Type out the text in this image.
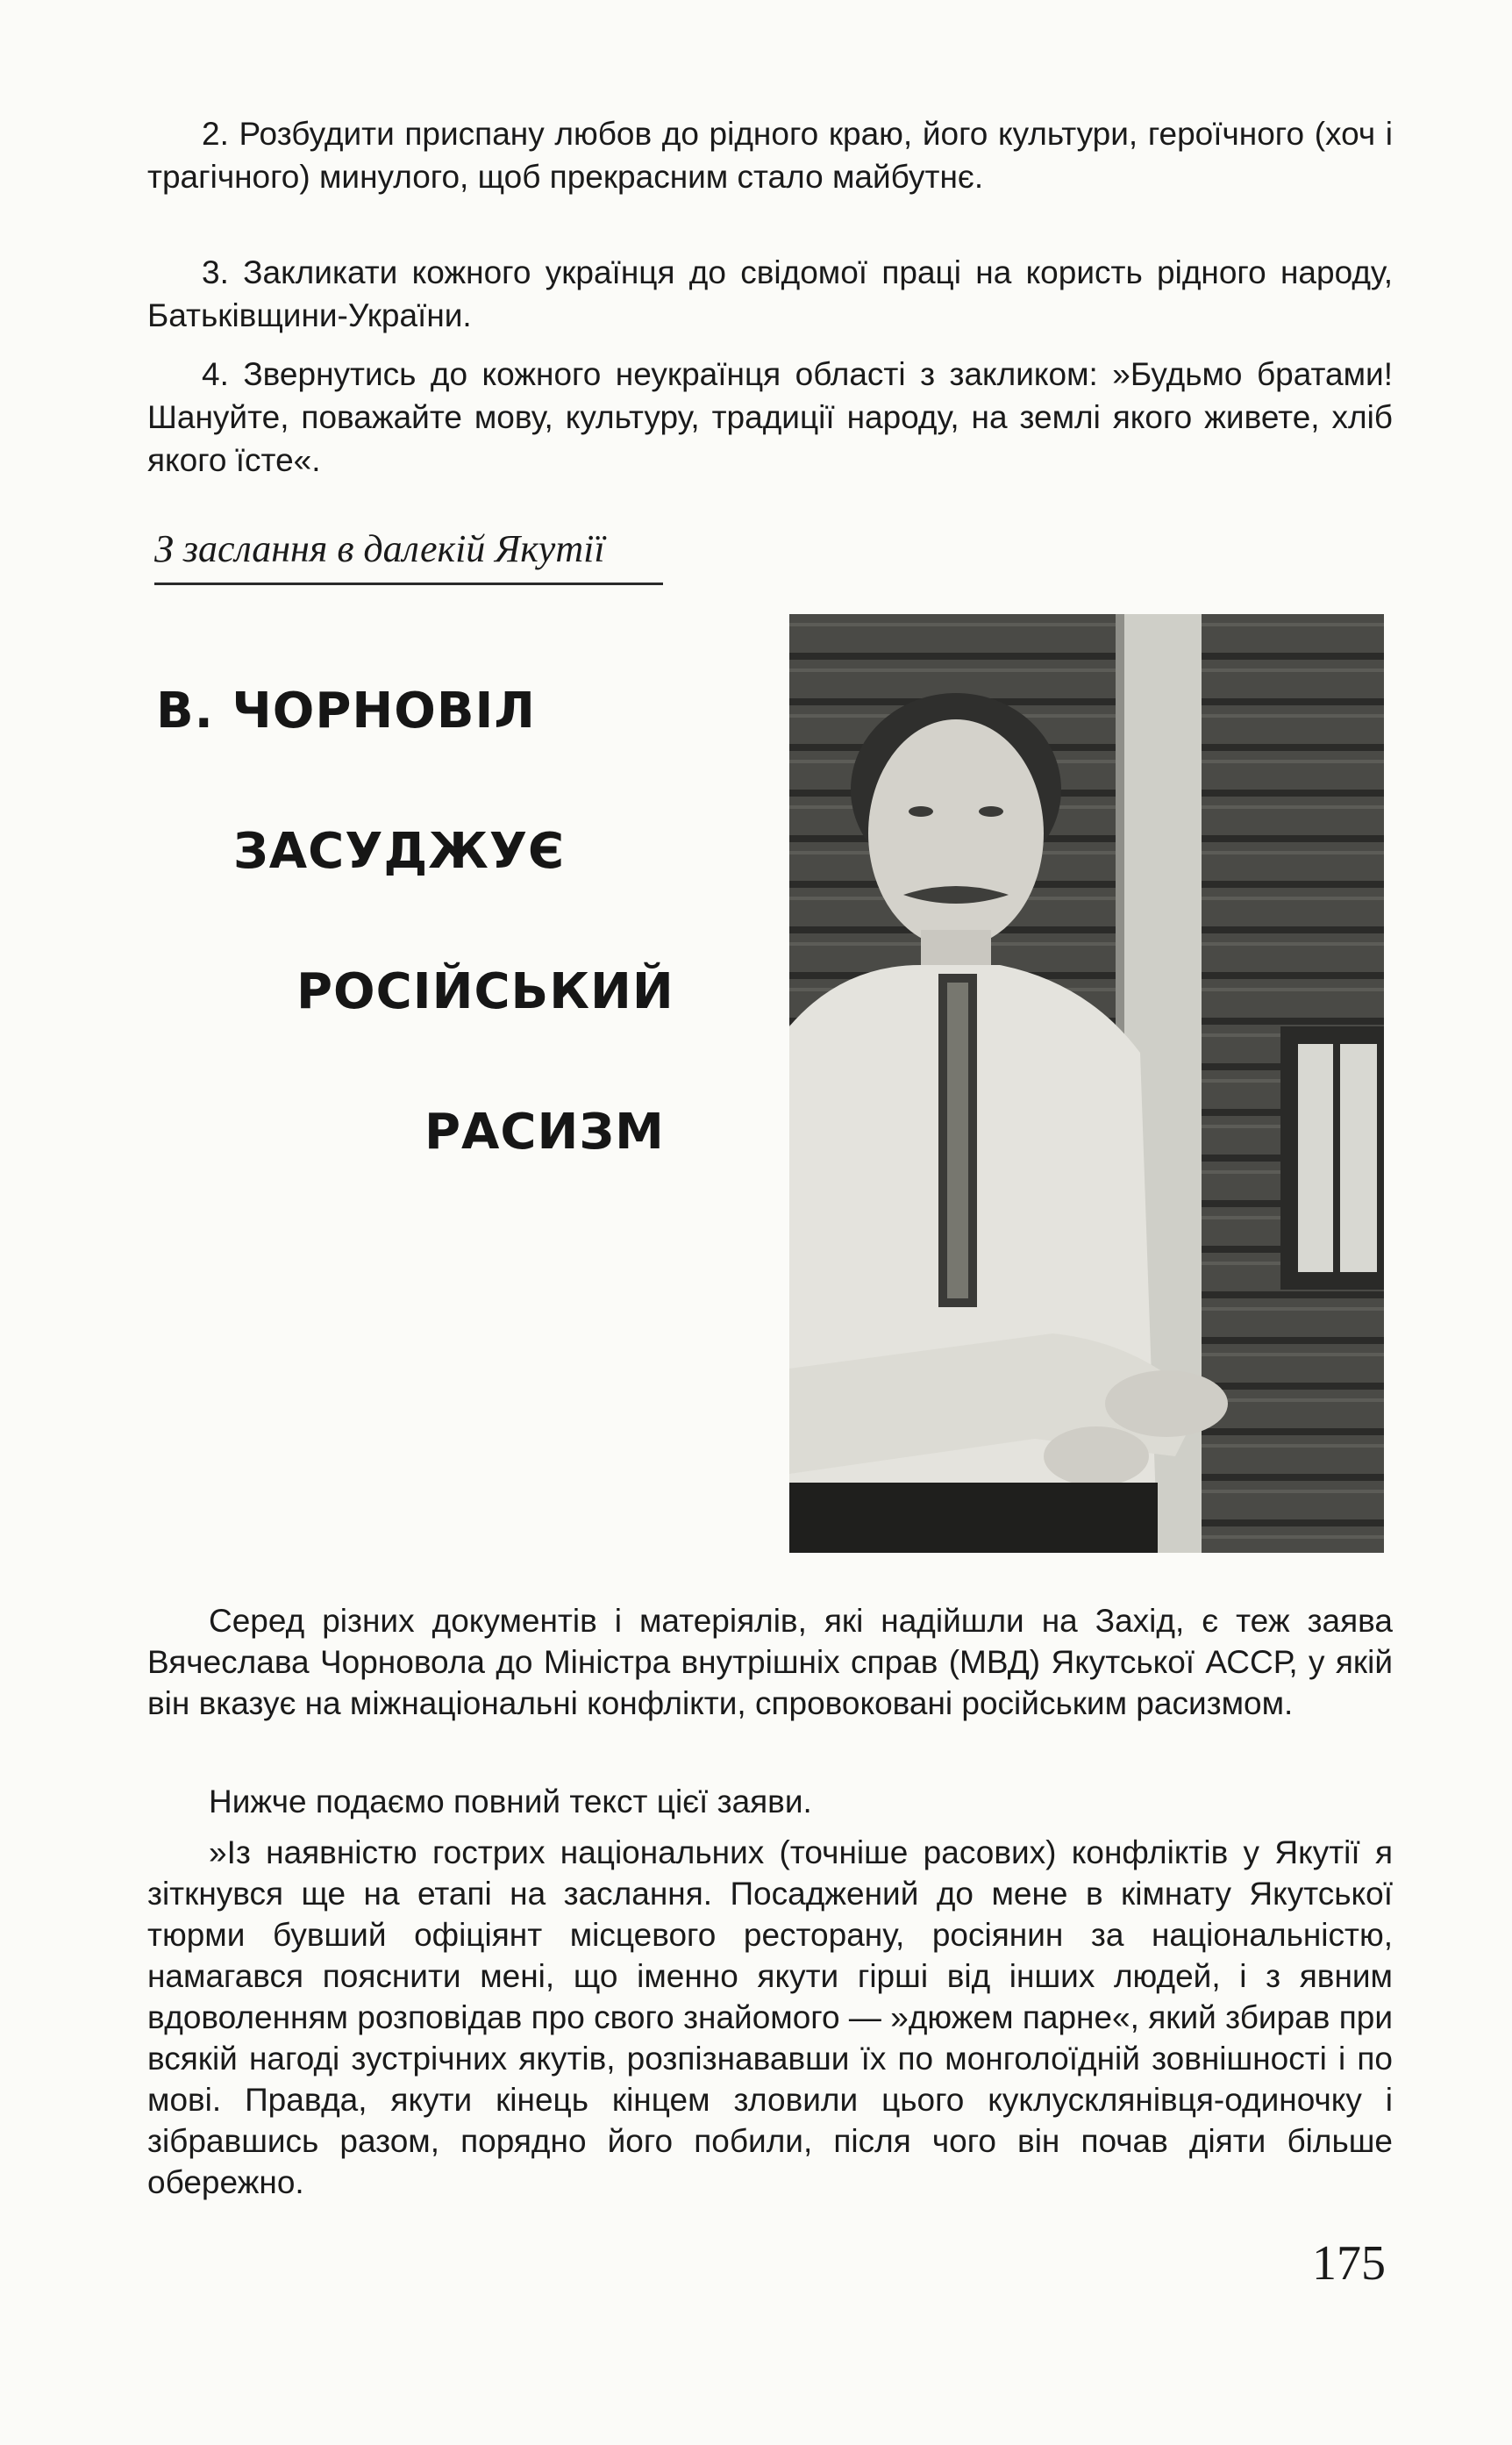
2. Розбудити приспану любов до рідного краю, його культури, героїчного (хоч і трагічного) минулого, щоб прекрасним стало майбутнє.

3. Закликати кожного українця до свідомої праці на користь рідного народу, Батьківщини-України.

4. Звернутись до кожного неукраїнця області з закликом: »Будьмо братами! Шануйте, поважайте мову, культуру, традиції народу, на землі якого живете, хліб якого їсте«.

З заслання в далекій Якутії
В. ЧОРНОВІЛ
ЗАСУДЖУЄ
РОСІЙСЬКИЙ
РАСИЗМ

Серед різних документів і матеріялів, які надійшли на Захід, є теж заява Вячеслава Чорновола до Міністра внутрішніх справ (МВД) Якутської АССР, у якій він вказує на міжнаціональні конфлікти, спровоковані російським расизмом.

Нижче подаємо повний текст цієї заяви.

»Із наявністю гострих національних (точніше расових) конфліктів у Якутії я зіткнувся ще на етапі на заслання. Посаджений до мене в кімнату Якутської тюрми бувший офіціянт місцевого ресторану, росіянин за національністю, намагався пояснити мені, що іменно якути гірші від інших людей, і з явним вдоволенням розповідав про свого знайомого — »дюжем парне«, який збирав при всякій нагоді зустрічних якутів, розпізнававши їх по монголоїдній зовнішності і по мові. Правда, якути кінець кінцем зловили цього куклусклянівця-одиночку і зібравшись разом, порядно його побили, після чого він почав діяти більше обережно.

175
